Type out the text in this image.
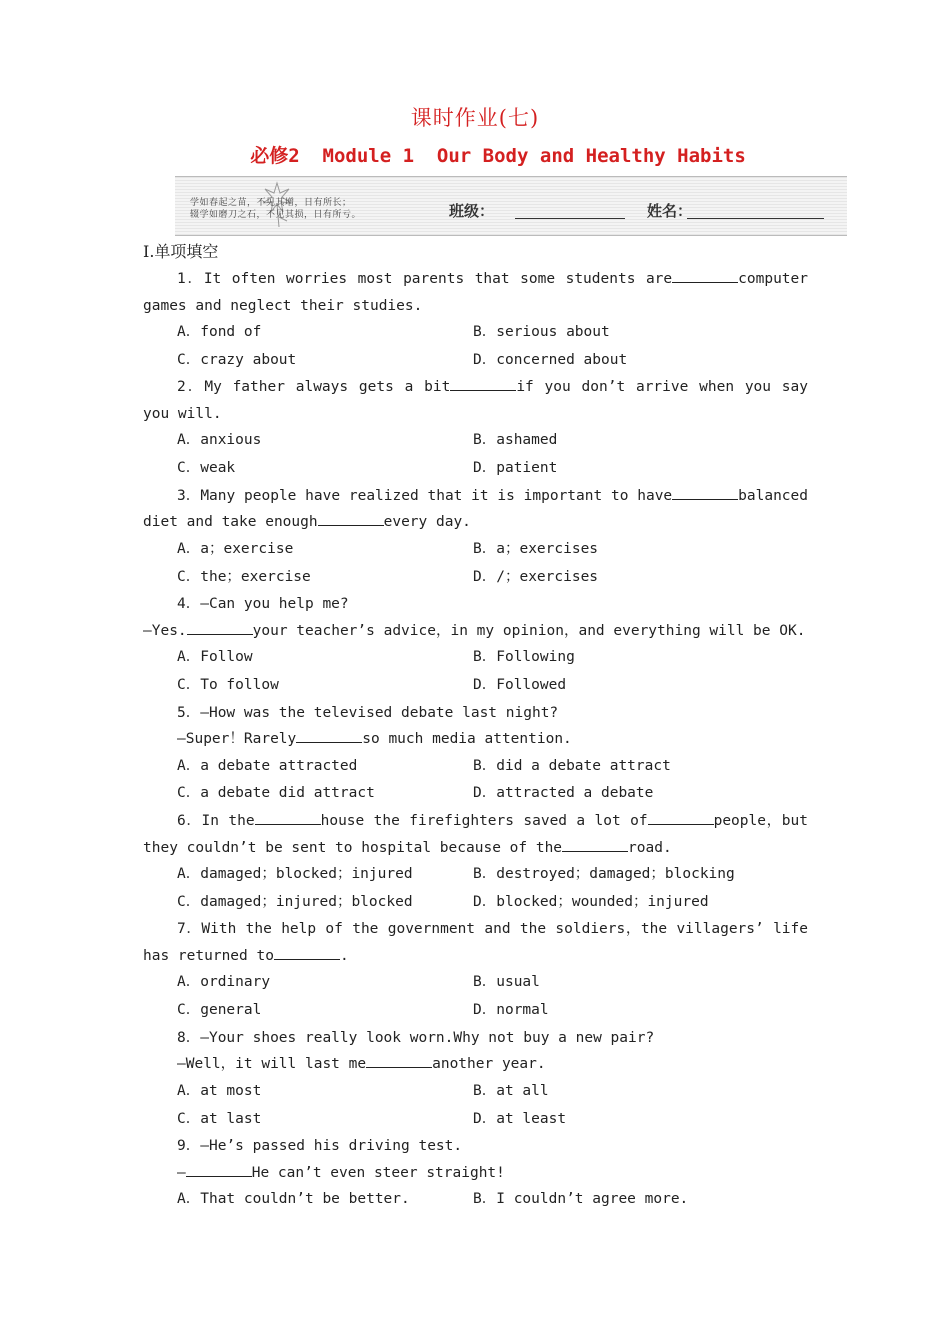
课时作业(七)
必修2  Module 1  Our Body and Healthy Habits
学如春起之苗，不见其增，日有所长；
辍学如磨刀之石，不见其损，日有所亏。	班级：	姓名：
I.单项填空

1．It often worries most parents that some students are	computer games and neglect their studies.

A．fond of	B．serious about
C．crazy about	D．concerned about

2．My father always gets a bit	if you don’t arrive when you say you will.

A．anxious	B．ashamed
C．weak	D．patient

3．Many people have realized that it is important to have	balanced diet and take enough	every day.

A．a；exercise	B．a；exercises
C．the；exercise	D．/；exercises

4．—Can you help me?

—Yes.	your teacher’s advice，in my opinion，and everything will be OK.

A．Follow	B．Following
C．To follow	D．Followed

5．—How was the televised debate last night?

—Super！Rarely	so much media attention.

A．a debate attracted	B．did a debate attract
C．a debate did attract	D．attracted a debate

6．In the	house the firefighters saved a lot of	people，but they couldn’t be sent to hospital because of the	road.

A．damaged；blocked；injured	B．destroyed；damaged；blocking
C．damaged；injured；blocked	D．blocked；wounded；injured

7．With the help of the government and the soldiers，the villagers’ life has returned to	.

A．ordinary	B．usual
C．general	D．normal

8．—Your shoes really look worn.Why not buy a new pair?

—Well，it will last me	another year.

A．at most	B．at all
C．at last	D．at least

9．—He’s passed his driving test.

—	He can’t even steer straight!

A．That couldn’t be better.	B．I couldn’t agree more.
